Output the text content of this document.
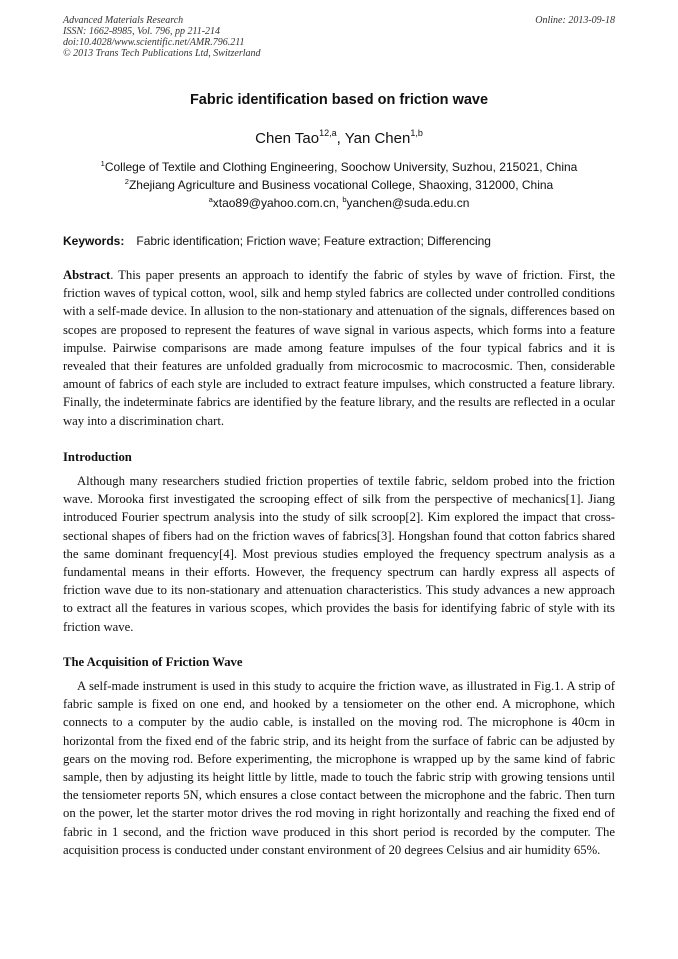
Advanced Materials Research
ISSN: 1662-8985, Vol. 796, pp 211-214
doi:10.4028/www.scientific.net/AMR.796.211
© 2013 Trans Tech Publications Ltd, Switzerland
Online: 2013-09-18
Fabric identification based on friction wave
Chen Tao$^{12,a}$, Yan Chen$^{1,b}$
$^1$College of Textile and Clothing Engineering, Soochow University, Suzhou, 215021, China
$^2$Zhejiang Agriculture and Business vocational College, Shaoxing, 312000, China
$^a$xtao89@yahoo.com.cn, $^b$yanchen@suda.edu.cn
Keywords: Fabric identification; Friction wave; Feature extraction; Differencing
Abstract. This paper presents an approach to identify the fabric of styles by wave of friction. First, the friction waves of typical cotton, wool, silk and hemp styled fabrics are collected under controlled conditions with a self-made device. In allusion to the non-stationary and attenuation of the signals, differences based on scopes are proposed to represent the features of wave signal in various aspects, which forms into a feature impulse. Pairwise comparisons are made among feature impulses of the four typical fabrics and it is revealed that their features are unfolded gradually from microcosmic to macrocosmic. Then, considerable amount of fabrics of each style are included to extract feature impulses, which constructed a feature library. Finally, the indeterminate fabrics are identified by the feature library, and the results are reflected in a ocular way into a discrimination chart.
Introduction
Although many researchers studied friction properties of textile fabric, seldom probed into the friction wave. Morooka first investigated the scrooping effect of silk from the perspective of mechanics[1]. Jiang introduced Fourier spectrum analysis into the study of silk scroop[2]. Kim explored the impact that cross-sectional shapes of fibers had on the friction waves of fabrics[3]. Hongshan found that cotton fabrics shared the same dominant frequency[4]. Most previous studies employed the frequency spectrum analysis as a fundamental means in their efforts. However, the frequency spectrum can hardly express all aspects of friction wave due to its non-stationary and attenuation characteristics. This study advances a new approach to extract all the features in various scopes, which provides the basis for identifying fabric of style with its friction wave.
The Acquisition of Friction Wave
A self-made instrument is used in this study to acquire the friction wave, as illustrated in Fig.1. A strip of fabric sample is fixed on one end, and hooked by a tensiometer on the other end. A microphone, which connects to a computer by the audio cable, is installed on the moving rod. The microphone is 40cm in horizontal from the fixed end of the fabric strip, and its height from the surface of fabric can be adjusted by gears on the moving rod. Before experimenting, the microphone is wrapped up by the same kind of fabric sample, then by adjusting its height little by little, made to touch the fabric strip with growing tensions until the tensiometer reports 5N, which ensures a close contact between the microphone and the fabric. Then turn on the power, let the starter motor drives the rod moving in right horizontally and reaching the fixed end of fabric in 1 second, and the friction wave produced in this short period is recorded by the computer. The acquisition process is conducted under constant environment of 20 degrees Celsius and air humidity 65%.
